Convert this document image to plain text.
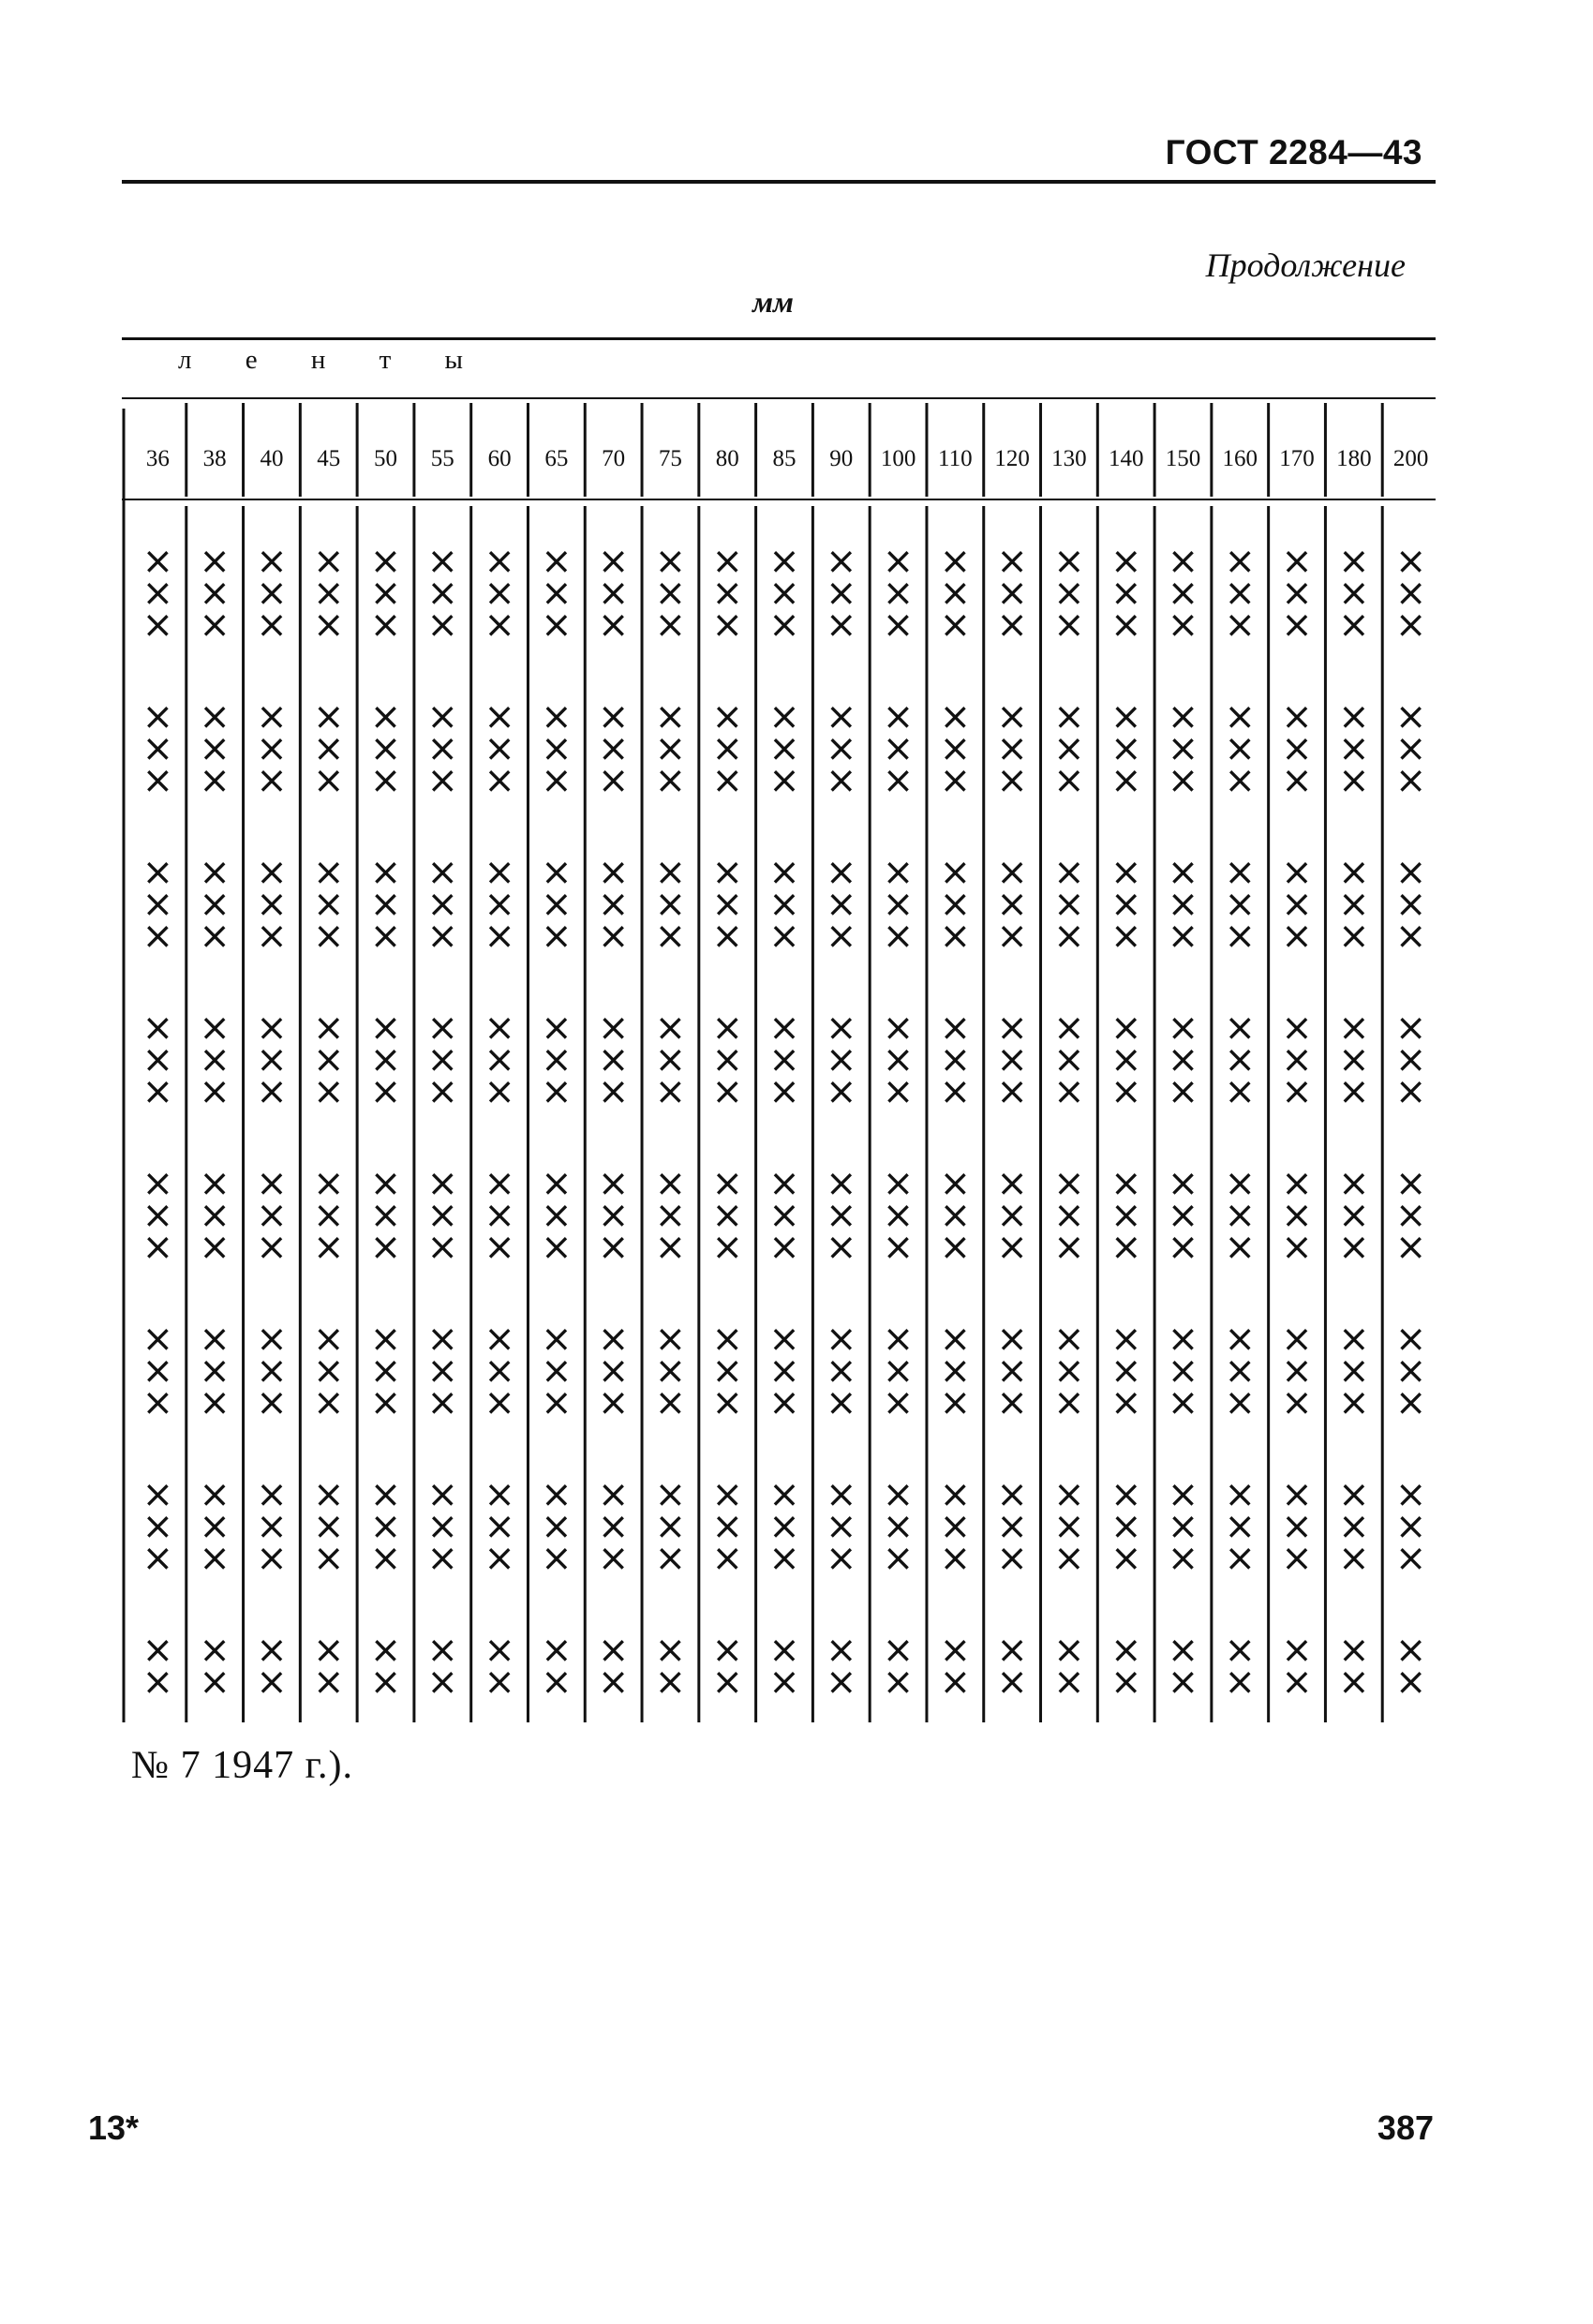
ГОСТ 2284—43
Продолжение
мм
л е н т ы
36
×
×
×
×
×
×
×
×
×
×
×
×
×
×
×
×
×
×
×
×
×
×
×
38
×
×
×
×
×
×
×
×
×
×
×
×
×
×
×
×
×
×
×
×
×
×
×
40
×
×
×
×
×
×
×
×
×
×
×
×
×
×
×
×
×
×
×
×
×
×
×
45
×
×
×
×
×
×
×
×
×
×
×
×
×
×
×
×
×
×
×
×
×
×
×
50
×
×
×
×
×
×
×
×
×
×
×
×
×
×
×
×
×
×
×
×
×
×
×
55
×
×
×
×
×
×
×
×
×
×
×
×
×
×
×
×
×
×
×
×
×
×
×
60
×
×
×
×
×
×
×
×
×
×
×
×
×
×
×
×
×
×
×
×
×
×
×
65
×
×
×
×
×
×
×
×
×
×
×
×
×
×
×
×
×
×
×
×
×
×
×
70
×
×
×
×
×
×
×
×
×
×
×
×
×
×
×
×
×
×
×
×
×
×
×
75
×
×
×
×
×
×
×
×
×
×
×
×
×
×
×
×
×
×
×
×
×
×
×
80
×
×
×
×
×
×
×
×
×
×
×
×
×
×
×
×
×
×
×
×
×
×
×
85
×
×
×
×
×
×
×
×
×
×
×
×
×
×
×
×
×
×
×
×
×
×
×
90
×
×
×
×
×
×
×
×
×
×
×
×
×
×
×
×
×
×
×
×
×
×
×
100
×
×
×
×
×
×
×
×
×
×
×
×
×
×
×
×
×
×
×
×
×
×
×
110
×
×
×
×
×
×
×
×
×
×
×
×
×
×
×
×
×
×
×
×
×
×
×
120
×
×
×
×
×
×
×
×
×
×
×
×
×
×
×
×
×
×
×
×
×
×
×
130
×
×
×
×
×
×
×
×
×
×
×
×
×
×
×
×
×
×
×
×
×
×
×
140
×
×
×
×
×
×
×
×
×
×
×
×
×
×
×
×
×
×
×
×
×
×
×
150
×
×
×
×
×
×
×
×
×
×
×
×
×
×
×
×
×
×
×
×
×
×
×
160
×
×
×
×
×
×
×
×
×
×
×
×
×
×
×
×
×
×
×
×
×
×
×
170
×
×
×
×
×
×
×
×
×
×
×
×
×
×
×
×
×
×
×
×
×
×
×
180
×
×
×
×
×
×
×
×
×
×
×
×
×
×
×
×
×
×
×
×
×
×
×
200
×
×
×
×
×
×
×
×
×
×
×
×
×
×
×
×
×
×
×
×
×
×
×
№ 7 1947 г.).
13*	387
